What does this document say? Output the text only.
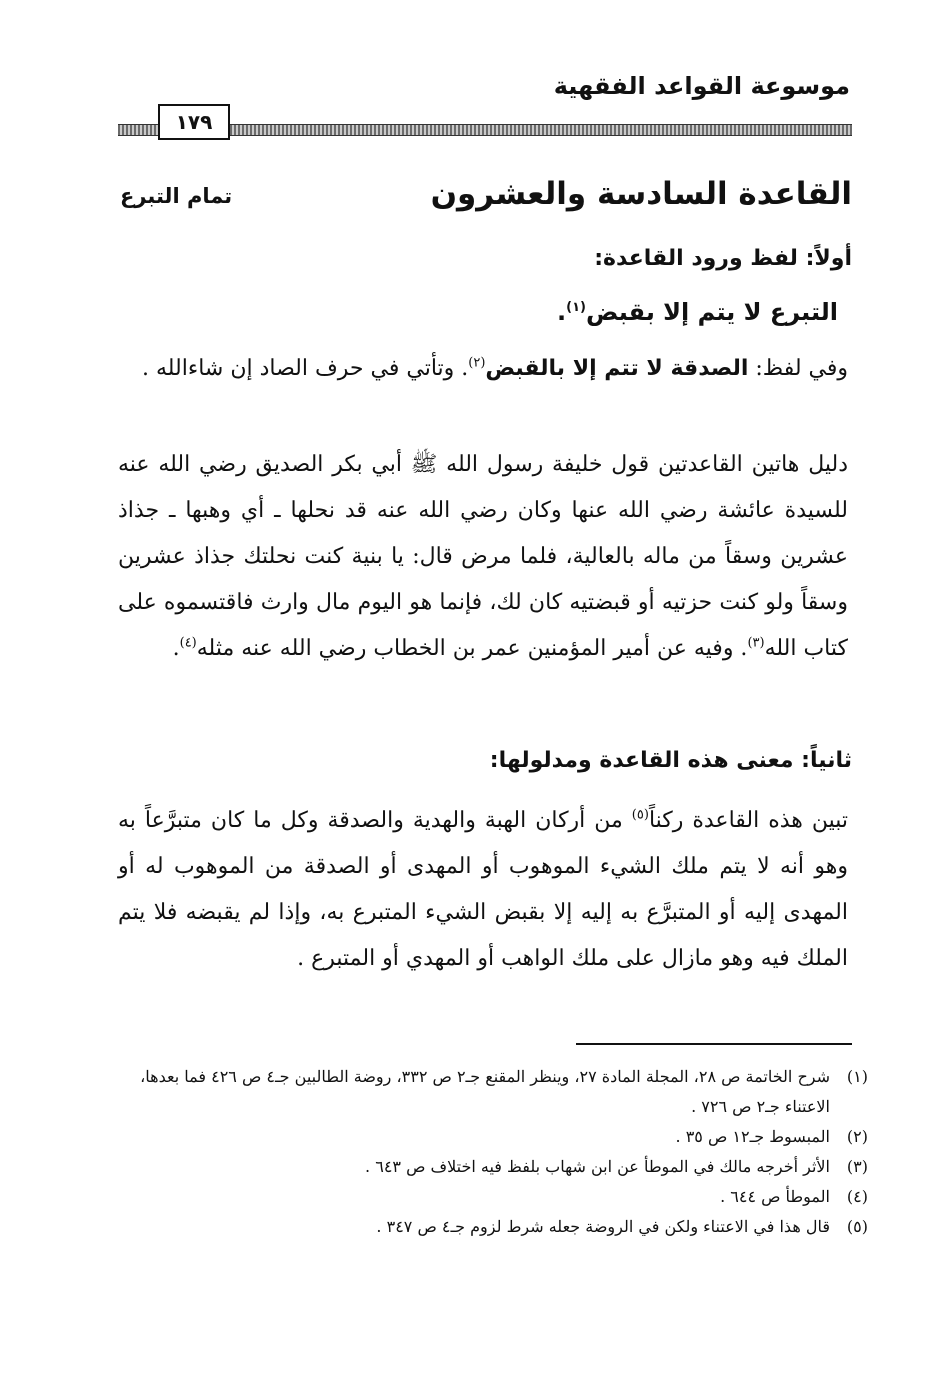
موسوعة القواعد الفقهية
١٧٩
القاعدة السادسة والعشرون
تمام التبرع
أولاً: لفظ ورود القاعدة:
التبرع لا يتم إلا بقبض$^{(١)}$.
وفي لفظ: الصدقة لا تتم إلا بالقبض$^{(٢)}$. وتأتي في حرف الصاد إن شاءالله .
دليل هاتين القاعدتين قول خليفة رسول الله ﷺ أبي بكر الصديق رضي الله عنه للسيدة عائشة رضي الله عنها وكان رضي الله عنه قد نحلها ـ أي وهبها ـ جذاذ عشرين وسقاً من ماله بالعالية، فلما مرض قال: يا بنية كنت نحلتك جذاذ عشرين وسقاً ولو كنت حزتيه أو قبضتيه كان لك، فإنما هو اليوم مال وارث فاقتسموه على كتاب الله$^{(٣)}$. وفيه عن أمير المؤمنين عمر بن الخطاب رضي الله عنه مثله$^{(٤)}$.
ثانياً: معنى هذه القاعدة ومدلولها:
تبين هذه القاعدة ركناً$^{(٥)}$ من أركان الهبة والهدية والصدقة وكل ما كان متبرَّعاً به وهو أنه لا يتم ملك الشيء الموهوب أو المهدى أو الصدقة من الموهوب له أو المهدى إليه أو المتبرَّع به إليه إلا بقبض الشيء المتبرع به، وإذا لم يقبضه فلا يتم الملك فيه وهو مازال على ملك الواهب أو المهدي أو المتبرع .
(١)
شرح الخاتمة ص ٢٨، المجلة المادة ٢٧، وينظر المقنع جـ٢ ص ٣٣٢، روضة الطالبين جـ٤ ص ٤٢٦ فما بعدها، الاعتناء جـ٢ ص ٧٢٦ .
(٢)
المبسوط جـ١٢ ص ٣٥ .
(٣)
الأثر أخرجه مالك في الموطأ عن ابن شهاب بلفظ فيه اختلاف ص ٦٤٣ .
(٤)
الموطأ ص ٦٤٤ .
(٥)
قال هذا في الاعتناء ولكن في الروضة جعله شرط لزوم جـ٤ ص ٣٤٧ .
